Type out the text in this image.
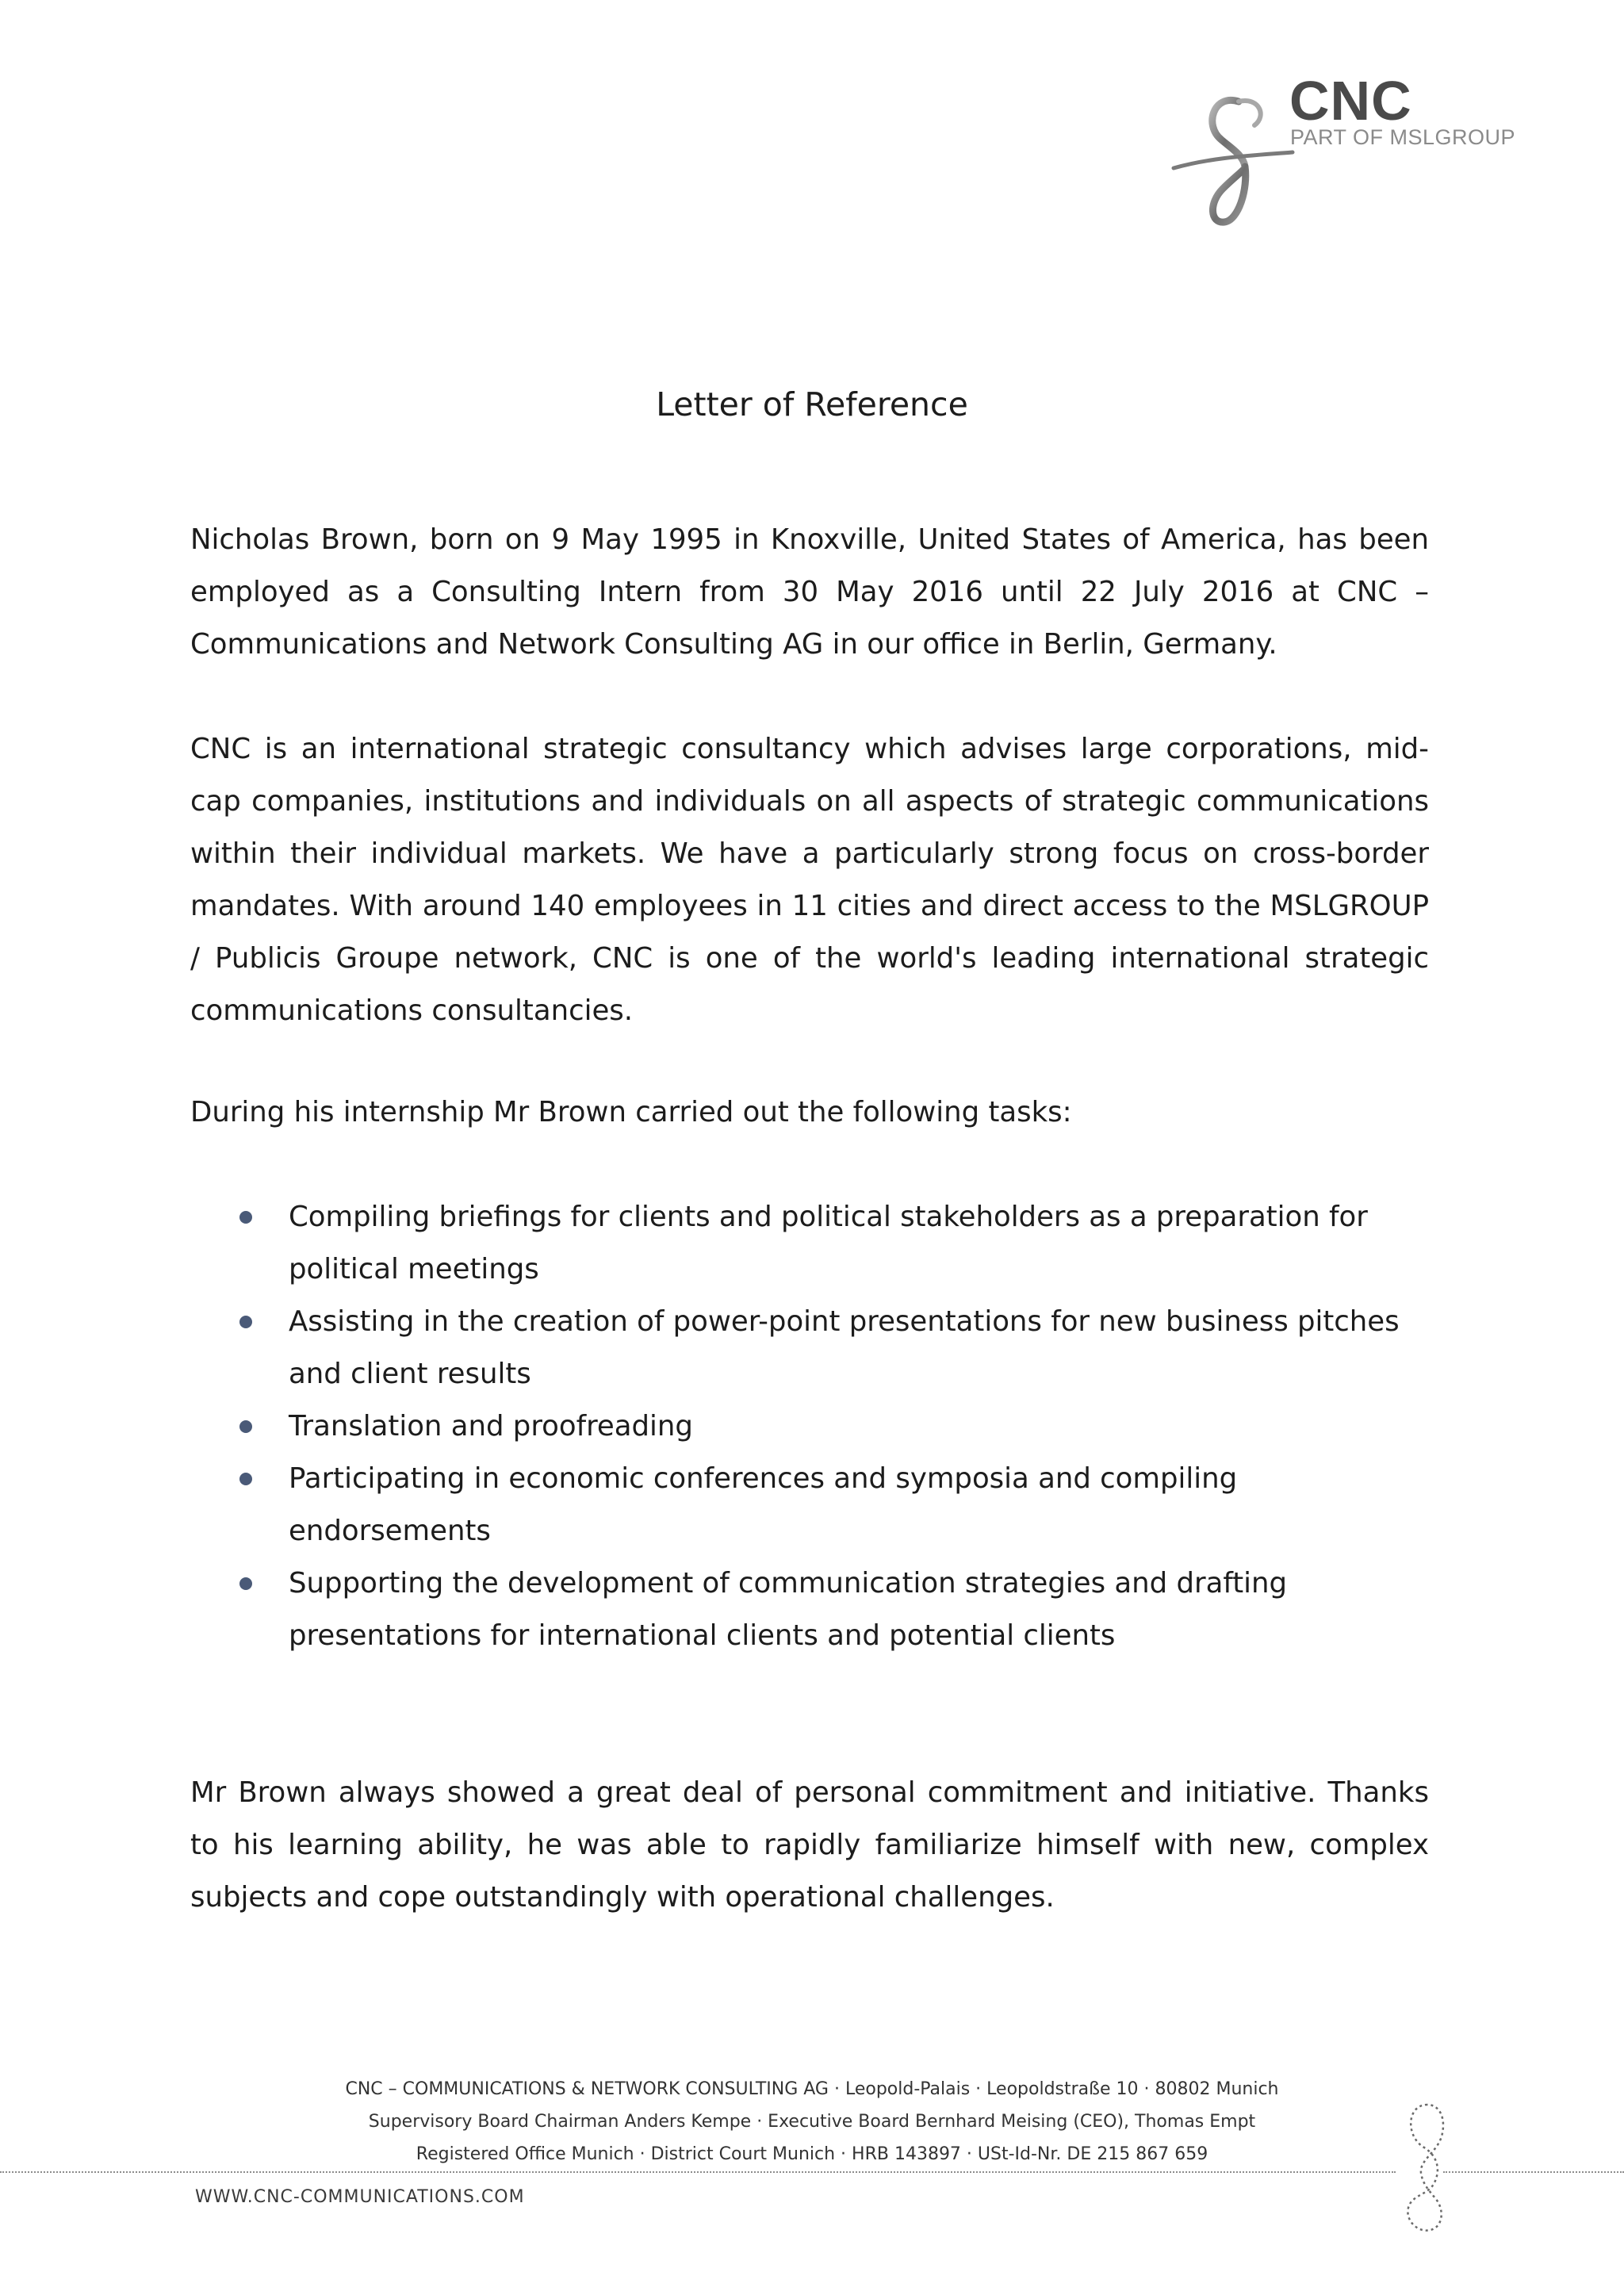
CNC
PART OF MSLGROUP
Letter of Reference

Nicholas Brown, born on 9 May 1995 in Knoxville, United States of America, has been employed as a Consulting Intern from 30 May 2016 until 22 July 2016 at CNC – Communications and Network Consulting AG in our office in Berlin, Germany.

CNC is an international strategic consultancy which advises large corporations, mid-cap companies, institutions and individuals on all aspects of strategic communications within their individual markets. We have a particularly strong focus on cross-border mandates. With around 140 employees in 11 cities and direct access to the MSLGROUP / Publicis Groupe network, CNC is one of the world's leading international strategic communications consultancies.

During his internship Mr Brown carried out the following tasks:

Compiling briefings for clients and political stakeholders as a preparation for political meetings
Assisting in the creation of power-point presentations for new business pitches and client results
Translation and proofreading
Participating in economic conferences and symposia and compiling endorsements
Supporting the development of communication strategies and drafting presentations for international clients and potential clients

Mr Brown always showed a great deal of personal commitment and initiative. Thanks to his learning ability, he was able to rapidly familiarize himself with new, complex subjects and cope outstandingly with operational challenges.

CNC – COMMUNICATIONS & NETWORK CONSULTING AG · Leopold-Palais · Leopoldstraße 10 · 80802 Munich
Supervisory Board Chairman Anders Kempe · Executive Board Bernhard Meising (CEO), Thomas Empt
Registered Office Munich · District Court Munich · HRB 143897 · USt-Id-Nr. DE 215 867 659
WWW.CNC-COMMUNICATIONS.COM
